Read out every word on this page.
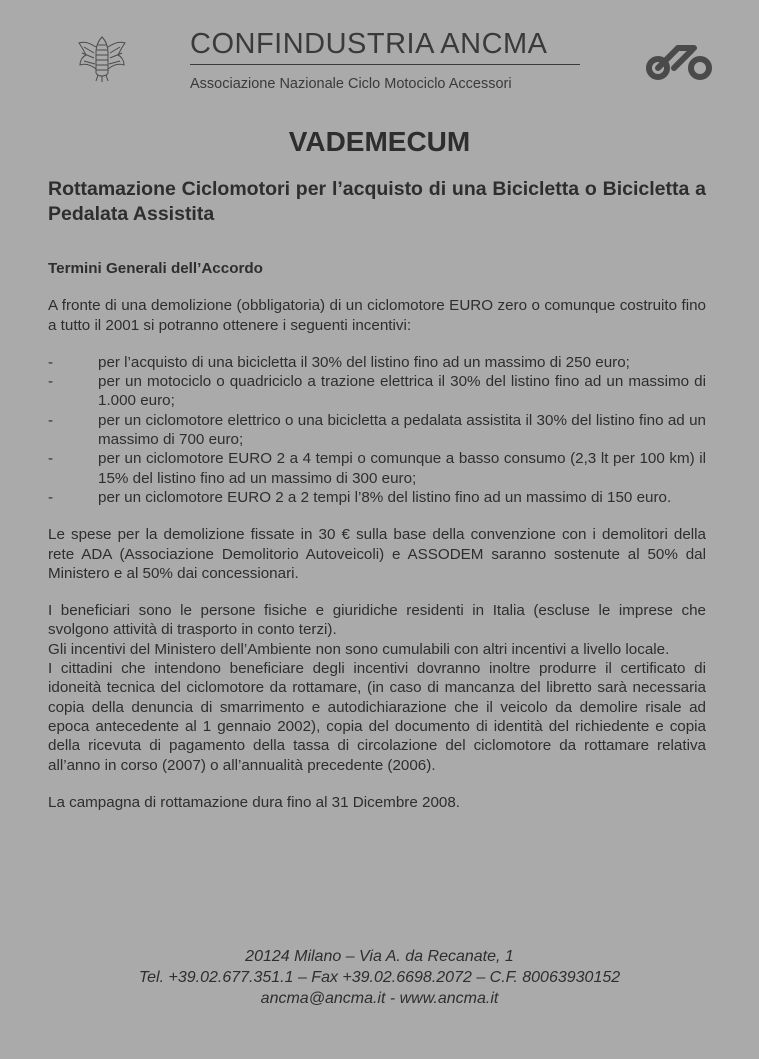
CONFINDUSTRIA ANCMA
Associazione Nazionale Ciclo Motociclo Accessori
VADEMECUM
Rottamazione Ciclomotori per l’acquisto di una Bicicletta o Bicicletta a Pedalata Assistita

Termini Generali dell’Accordo

A fronte di una demolizione (obbligatoria) di un ciclomotore EURO zero o comunque costruito fino a tutto il 2001 si potranno ottenere i seguenti incentivi:

-	per l’acquisto di una bicicletta il 30% del listino fino ad un massimo di 250 euro;
-	per un motociclo o quadriciclo a trazione elettrica il 30% del listino fino ad un massimo di 1.000 euro;
-	per un ciclomotore elettrico o una bicicletta a pedalata assistita il 30% del listino fino ad un massimo di 700 euro;
-	per un ciclomotore EURO 2 a 4 tempi o comunque a basso consumo (2,3 lt per 100 km) il 15% del listino fino ad un massimo di 300 euro;
-	per un ciclomotore EURO 2 a 2 tempi l’8% del listino fino ad un massimo di 150 euro.

Le spese per la demolizione fissate in 30 € sulla base della convenzione con i demolitori della rete ADA (Associazione Demolitorio Autoveicoli) e ASSODEM saranno sostenute al 50% dal Ministero e al 50% dai concessionari.

I beneficiari sono le persone fisiche e giuridiche residenti in Italia (escluse le imprese che svolgono attività di trasporto in conto terzi).

Gli incentivi del Ministero dell’Ambiente non sono cumulabili con altri incentivi a livello locale.

I cittadini che intendono beneficiare degli incentivi dovranno inoltre produrre il certificato di idoneità tecnica del ciclomotore da rottamare, (in caso di mancanza del libretto sarà necessaria copia della denuncia di smarrimento e autodichiarazione che il veicolo da demolire risale ad epoca antecedente al 1 gennaio 2002), copia del documento di identità del richiedente e copia della ricevuta di pagamento della tassa di circolazione del ciclomotore da rottamare relativa all’anno in corso (2007) o all’annualità precedente (2006).

La campagna di rottamazione dura fino al 31 Dicembre 2008.

20124 Milano – Via A. da Recanate, 1
Tel. +39.02.677.351.1 – Fax +39.02.6698.2072 – C.F. 80063930152
ancma@ancma.it - www.ancma.it
